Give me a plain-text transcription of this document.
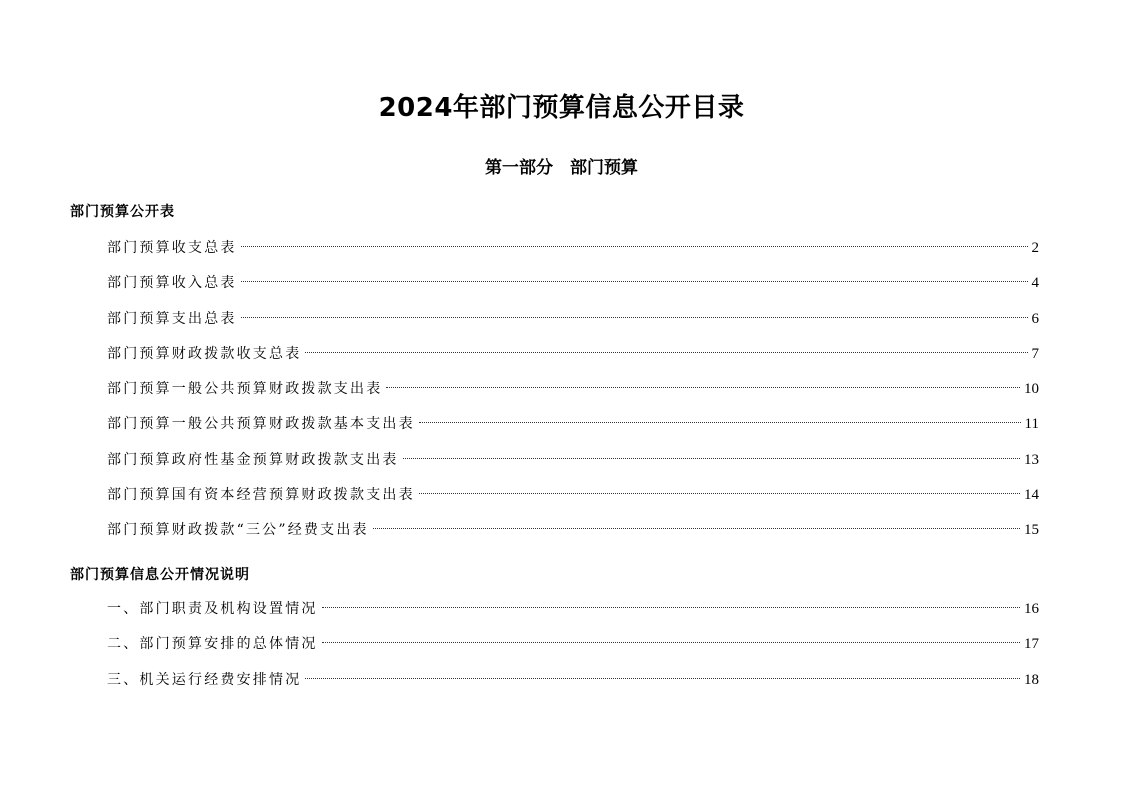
2024年部门预算信息公开目录
第一部分　部门预算
部门预算公开表
部门预算收支总表	2
部门预算收入总表	4
部门预算支出总表	6
部门预算财政拨款收支总表	7
部门预算一般公共预算财政拨款支出表	10
部门预算一般公共预算财政拨款基本支出表	11
部门预算政府性基金预算财政拨款支出表	13
部门预算国有资本经营预算财政拨款支出表	14
部门预算财政拨款“三公”经费支出表	15
部门预算信息公开情况说明
一、部门职责及机构设置情况	16
二、部门预算安排的总体情况	17
三、机关运行经费安排情况	18
